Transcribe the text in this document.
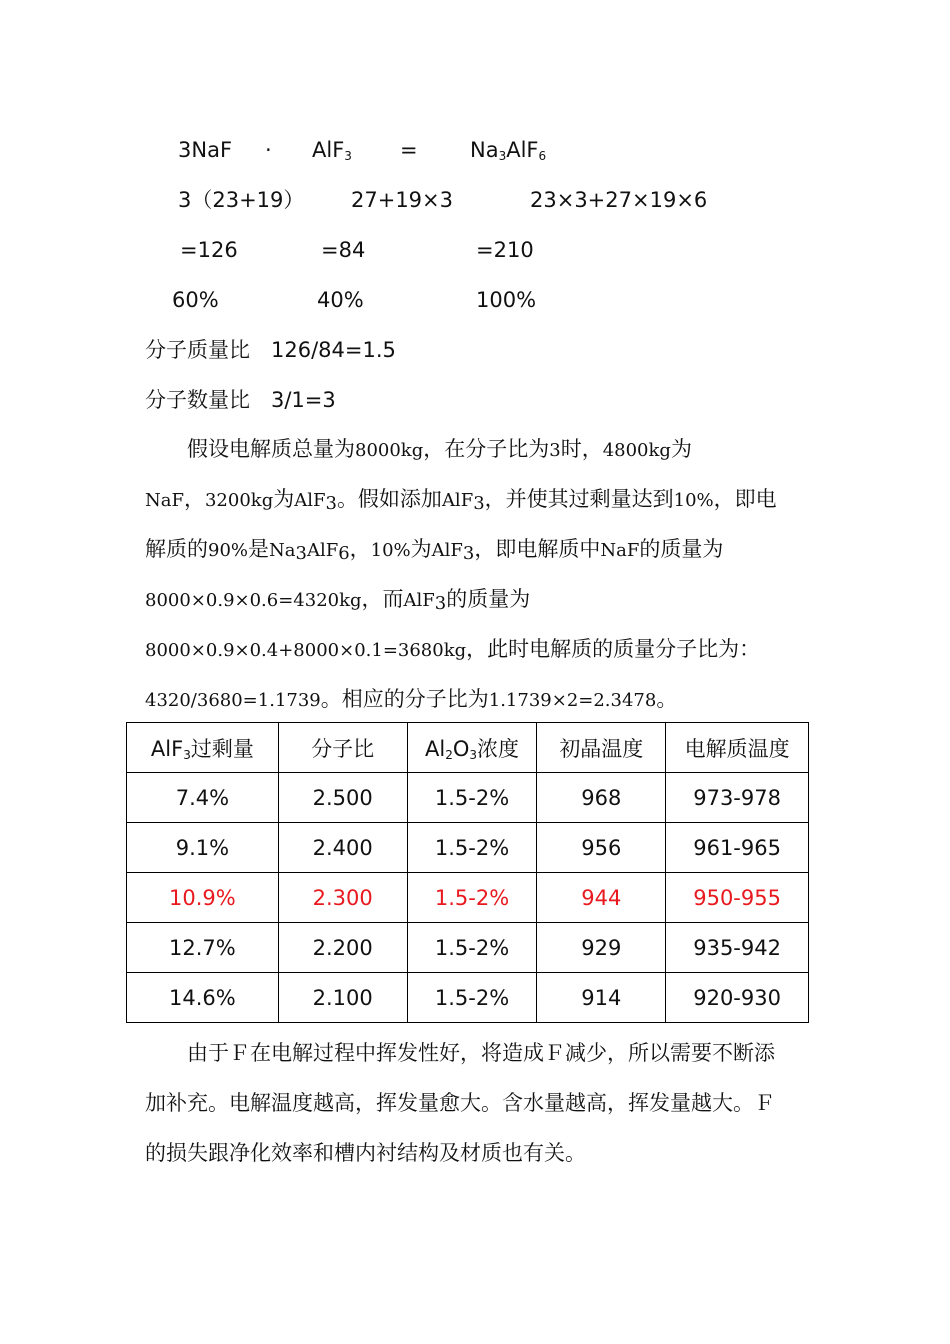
$3NaF \cdot AlF_3 = Na_3AlF_6$
3（23+19） 27+19×3	23×3+27×19×6
=126	=84	=210
60%	40%	100%
分子质量比　126/84=1.5
分子数量比　3/1=3
假设电解质总量为8000kg，在分子比为3时，4800kg为
NaF，3200kg为AlF$_3$。假如添加AlF$_3$，并使其过剩量达到10%，即电
解质的90%是$Na_3AlF_6$，10%为AlF$_3$，即电解质中NaF的质量为
8000×0.9×0.6=4320kg，而AlF$_3$的质量为
8000×0.9×0.4+8000×0.1=3680kg，此时电解质的质量分子比为：
4320/3680=1.1739。相应的分子比为1.1739×2=2.3478。
AlF$_3$过剩量	分子比	$Al_2O_3$浓度	初晶温度	电解质温度
7.4%	2.500	1.5-2%	968	973-978
9.1%	2.400	1.5-2%	956	961-965
10.9%	2.300	1.5-2%	944	950-955
12.7%	2.200	1.5-2%	929	935-942
14.6%	2.100	1.5-2%	914	920-930
由于Ｆ在电解过程中挥发性好，将造成Ｆ减少，所以需要不断添
加补充。电解温度越高，挥发量愈大。含水量越高，挥发量越大。Ｆ
的损失跟净化效率和槽内衬结构及材质也有关。
